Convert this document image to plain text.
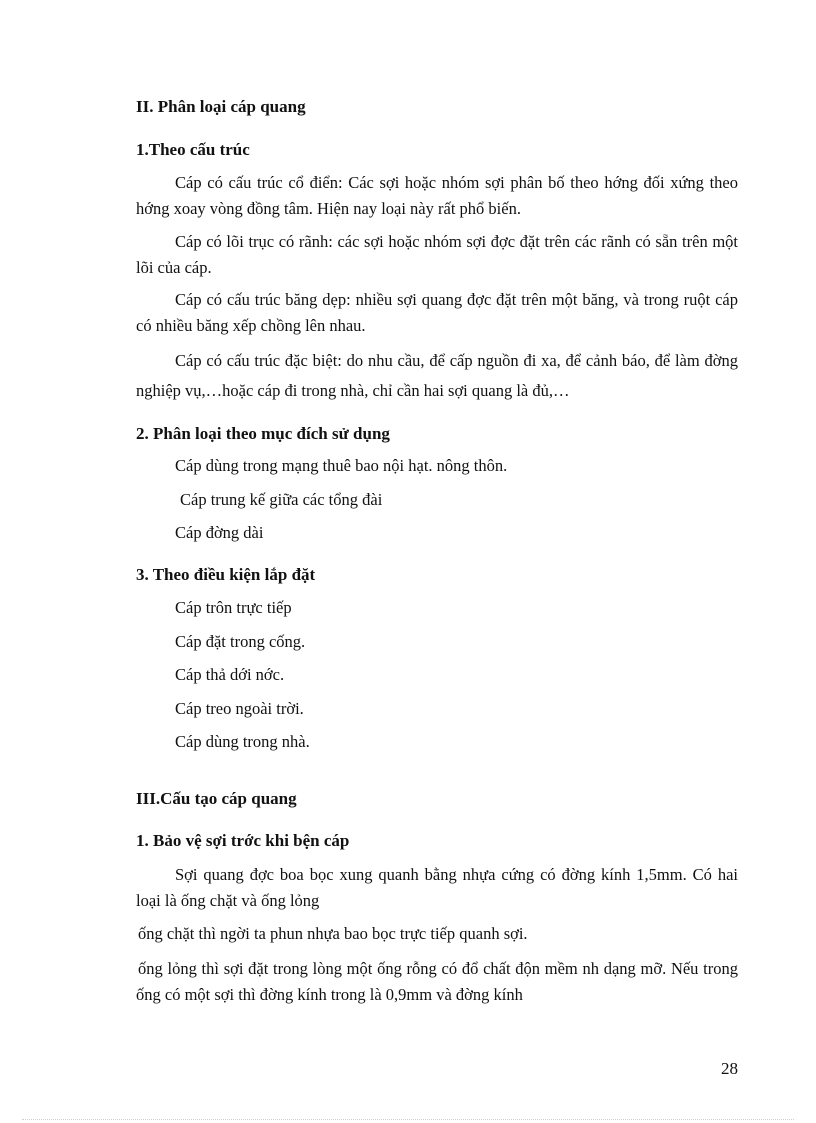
II. Phân loại cáp quang
1.Theo cấu trúc
Cáp có cấu trúc cổ điển: Các sợi hoặc nhóm sợi phân bố theo hớng đối xứng theo hớng xoay vòng đồng tâm. Hiện nay loại này rất phổ biến.
Cáp có lõi trục có rãnh: các sợi hoặc nhóm sợi đợc đặt trên các rãnh có sẵn trên một lõi của cáp.
Cáp có cấu trúc băng dẹp: nhiều sợi quang đợc đặt trên một băng, và trong ruột cáp có nhiều băng xếp chồng lên nhau.
Cáp có cấu trúc đặc biệt: do nhu cầu, để cấp nguồn đi xa, để cảnh báo, để làm đờng nghiệp vụ,…hoặc cáp đi trong nhà, chỉ cần hai sợi quang là đủ,…
2. Phân loại theo mục đích sử dụng
Cáp dùng trong mạng thuê bao nội hạt. nông thôn.
Cáp trung kế giữa các tổng đài
Cáp đờng dài
3. Theo điều kiện lắp đặt
Cáp trôn trực tiếp
Cáp đặt trong cống.
Cáp thả dới nớc.
Cáp treo ngoài trời.
Cáp dùng trong nhà.
III.Cấu tạo cáp quang
1. Bảo vệ sợi trớc khi bện cáp
Sợi quang đợc boa bọc xung quanh bằng nhựa cứng có đờng kính 1,5mm. Có hai loại là ống chặt và ống lỏng
ống chặt thì ngời ta phun nhựa bao bọc trực tiếp quanh sợi.
ống lỏng thì sợi đặt trong lòng một ống rỗng có đổ chất độn mềm nh dạng mỡ. Nếu trong ống có một sợi thì đờng kính trong là 0,9mm và đờng kính
28
